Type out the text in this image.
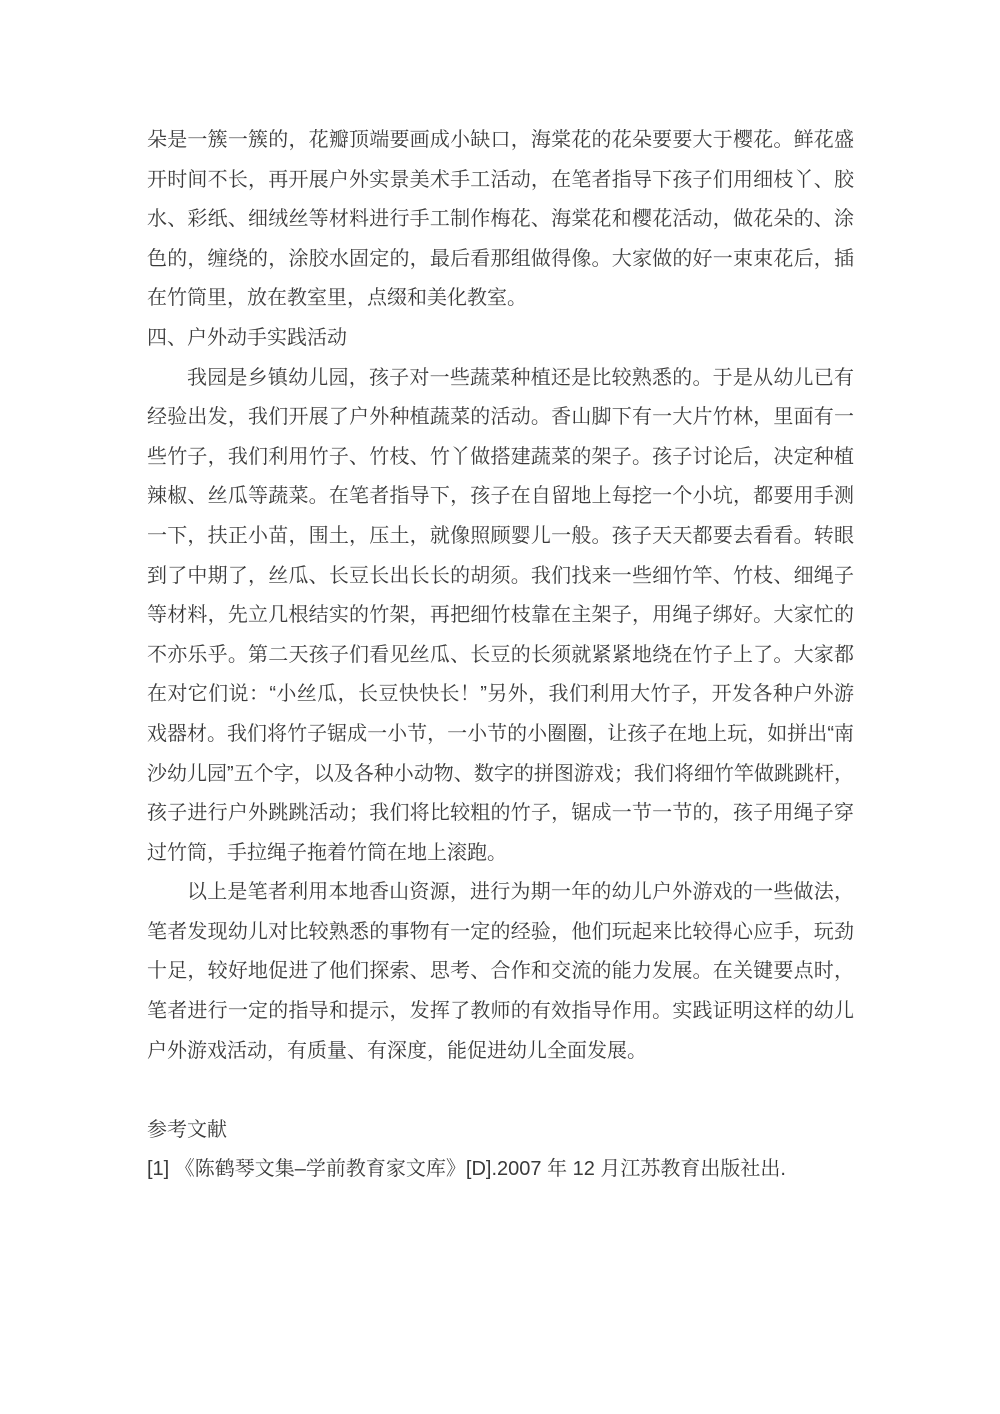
朵是一簇一簇的，花瓣顶端要画成小缺口，海棠花的花朵要要大于樱花。鲜花盛开时间不长，再开展户外实景美术手工活动，在笔者指导下孩子们用细枝丫、胶水、彩纸、细绒丝等材料进行手工制作梅花、海棠花和樱花活动，做花朵的、涂色的，缠绕的，涂胶水固定的，最后看那组做得像。大家做的好一束束花后，插在竹筒里，放在教室里，点缀和美化教室。

四、户外动手实践活动

我园是乡镇幼儿园，孩子对一些蔬菜种植还是比较熟悉的。于是从幼儿已有经验出发，我们开展了户外种植蔬菜的活动。香山脚下有一大片竹林，里面有一些竹子，我们利用竹子、竹枝、竹丫做搭建蔬菜的架子。孩子讨论后，决定种植辣椒、丝瓜等蔬菜。在笔者指导下，孩子在自留地上每挖一个小坑，都要用手测一下，扶正小苗，围土，压土，就像照顾婴儿一般。孩子天天都要去看看。转眼到了中期了，丝瓜、长豆长出长长的胡须。我们找来一些细竹竿、竹枝、细绳子等材料，先立几根结实的竹架，再把细竹枝靠在主架子，用绳子绑好。大家忙的不亦乐乎。第二天孩子们看见丝瓜、长豆的长须就紧紧地绕在竹子上了。大家都在对它们说：“小丝瓜，长豆快快长！”另外，我们利用大竹子，开发各种户外游戏器材。我们将竹子锯成一小节，一小节的小圈圈，让孩子在地上玩，如拼出“南沙幼儿园”五个字，以及各种小动物、数字的拼图游戏；我们将细竹竿做跳跳杆，孩子进行户外跳跳活动；我们将比较粗的竹子，锯成一节一节的，孩子用绳子穿过竹筒，手拉绳子拖着竹筒在地上滚跑。

以上是笔者利用本地香山资源，进行为期一年的幼儿户外游戏的一些做法，笔者发现幼儿对比较熟悉的事物有一定的经验，他们玩起来比较得心应手，玩劲十足，较好地促进了他们探索、思考、合作和交流的能力发展。在关键要点时，笔者进行一定的指导和提示，发挥了教师的有效指导作用。实践证明这样的幼儿户外游戏活动，有质量、有深度，能促进幼儿全面发展。

参考文献

[1] 《陈鹤琴文集–学前教育家文库》[D].2007 年 12 月江苏教育出版社出.
